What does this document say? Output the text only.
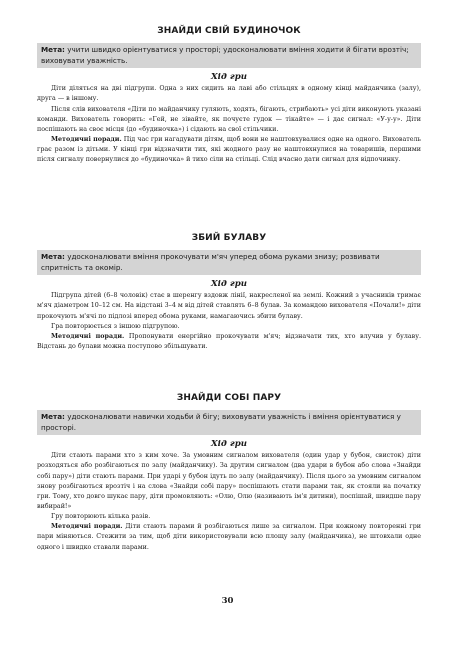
ЗНАЙДИ СВІЙ БУДИНОЧОК
Мета: учити швидко орієнтуватися у просторі; удосконалювати вміння ходити й бігати врозтіч; виховувати уважність.
Хід гри

Діти діляться на дві підгрупи. Одна з них сидить на лаві або стільцях в одному кінці майданчика (залу), друга — в іншому.

Після слів вихователя «Діти по майданчику гуляють, ходять, бігають, стрибають» усі діти виконують указані команди. Вихователь говорить: «Гей, не зівайте, як почуєте гудок — тікайте» — і дає сигнал: «У-у-у». Діти поспішають на своє місця (до «будиночка») і сідають на свої стільчики.

Методичні поради. Під час гри нагадувати дітям, щоб вони не наштовхувалися одне на одного. Вихователь грає разом із дітьми. У кінці гри відзначити тих, які жодного разу не наштовхнулися на товаришів, першими після сигналу повернулися до «будиночка» й тихо сіли на стільці. Слід вчасно дати сигнал для відпочинку.

ЗБИЙ БУЛАВУ
Мета: удосконалювати вміння прокочувати м'яч уперед обома руками знизу; розвивати спритність та окомір.
Хід гри

Підгрупа дітей (6–8 чоловік) стає в шеренгу вздовж лінії, накресленої на землі. Кожний з учасників тримає м'яч діаметром 10–12 см. На відстані 3–4 м від дітей ставлять 6–8 булав. За командою вихователя «Почали!» діти прокочують м'ячі по підлозі вперед обома руками, намагаючись збити булаву.

Гра повторюється з іншою підгрупою.

Методичні поради. Пропонувати енергійно прокочувати м'яч; відзначати тих, хто влучив у булаву. Відстань до булави можна поступово збільшувати.

ЗНАЙДИ СОБІ ПАРУ
Мета: удосконалювати навички ходьби й бігу; виховувати уважність і вміння орієнтуватися у просторі.
Хід гри

Діти стають парами хто з ким хоче. За умовним сигналом вихователя (один удар у бубон, свисток) діти розходяться або розбігаються по залу (майданчику). За другим сигналом (два удари в бубон або слова «Знайди собі пару») діти стають парами. При ударі у бубон ідуть по залу (майданчику). Після цього за умовним сигналом знову розбігаються врозтіч і на слова «Знайди собі пару» поспішають стати парами так, як стояли на початку гри. Тому, хто довго шукає пару, діти промовляють: «Олю, Олю (називають ім'я дитини), поспішай, швидше пару вибирай!»

Гру повторюють кілька разів.

Методичні поради. Діти стають парами й розбігаються лише за сигналом. При кожному повторенні гри пари міняються. Стежити за тим, щоб діти використовували всю площу залу (майданчика), не штовхали одне одного і швидко ставали парами.

30
